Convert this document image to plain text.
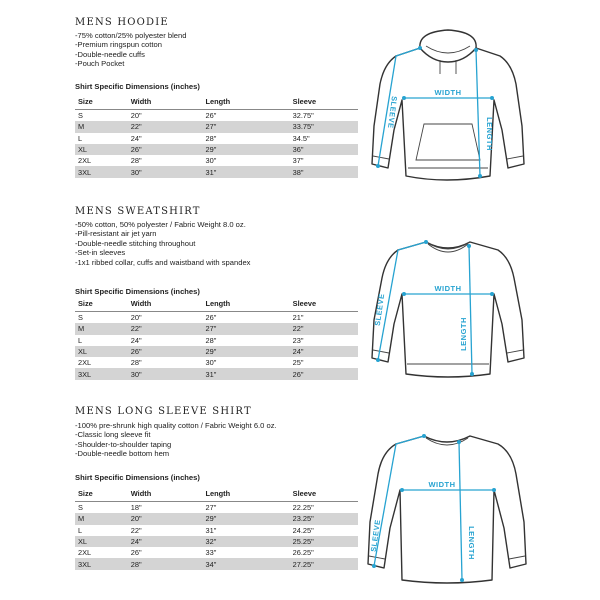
MENS HOODIE
-75% cotton/25% polyester blend
-Premium ringspun cotton
-Double-needle cuffs
-Pouch Pocket
Shirt Specific Dimensions (inches)
Size	Width	Length	Sleeve
S	20"	26"	32.75"
M	22"	27"	33.75"
L	24"	28"	34.5"
XL	26"	29"	36"
2XL	28"	30"	37"
3XL	30"	31"	38"
WIDTH
LENGTH
SLEEVE
MENS SWEATSHIRT
-50% cotton, 50% polyester / Fabric Weight 8.0 oz.
-Pill-resistant air jet yarn
-Double-needle stitching throughout
-Set-in sleeves
-1x1 ribbed collar, cuffs and waistband with spandex
Shirt Specific Dimensions (inches)
Size	Width	Length	Sleeve
S	20"	26"	21"
M	22"	27"	22"
L	24"	28"	23"
XL	26"	29"	24"
2XL	28"	30"	25"
3XL	30"	31"	26"
WIDTH
LENGTH
SLEEVE
MENS LONG SLEEVE SHIRT
-100% pre-shrunk high quality cotton / Fabric Weight 6.0 oz.
-Classic long sleeve fit
-Shoulder-to-shoulder taping
-Double-needle bottom hem
Shirt Specific Dimensions (inches)
Size	Width	Length	Sleeve
S	18"	27"	22.25"
M	20"	29"	23.25"
L	22"	31"	24.25"
XL	24"	32"	25.25"
2XL	26"	33"	26.25"
3XL	28"	34"	27.25"
WIDTH
LENGTH
SLEEVE
